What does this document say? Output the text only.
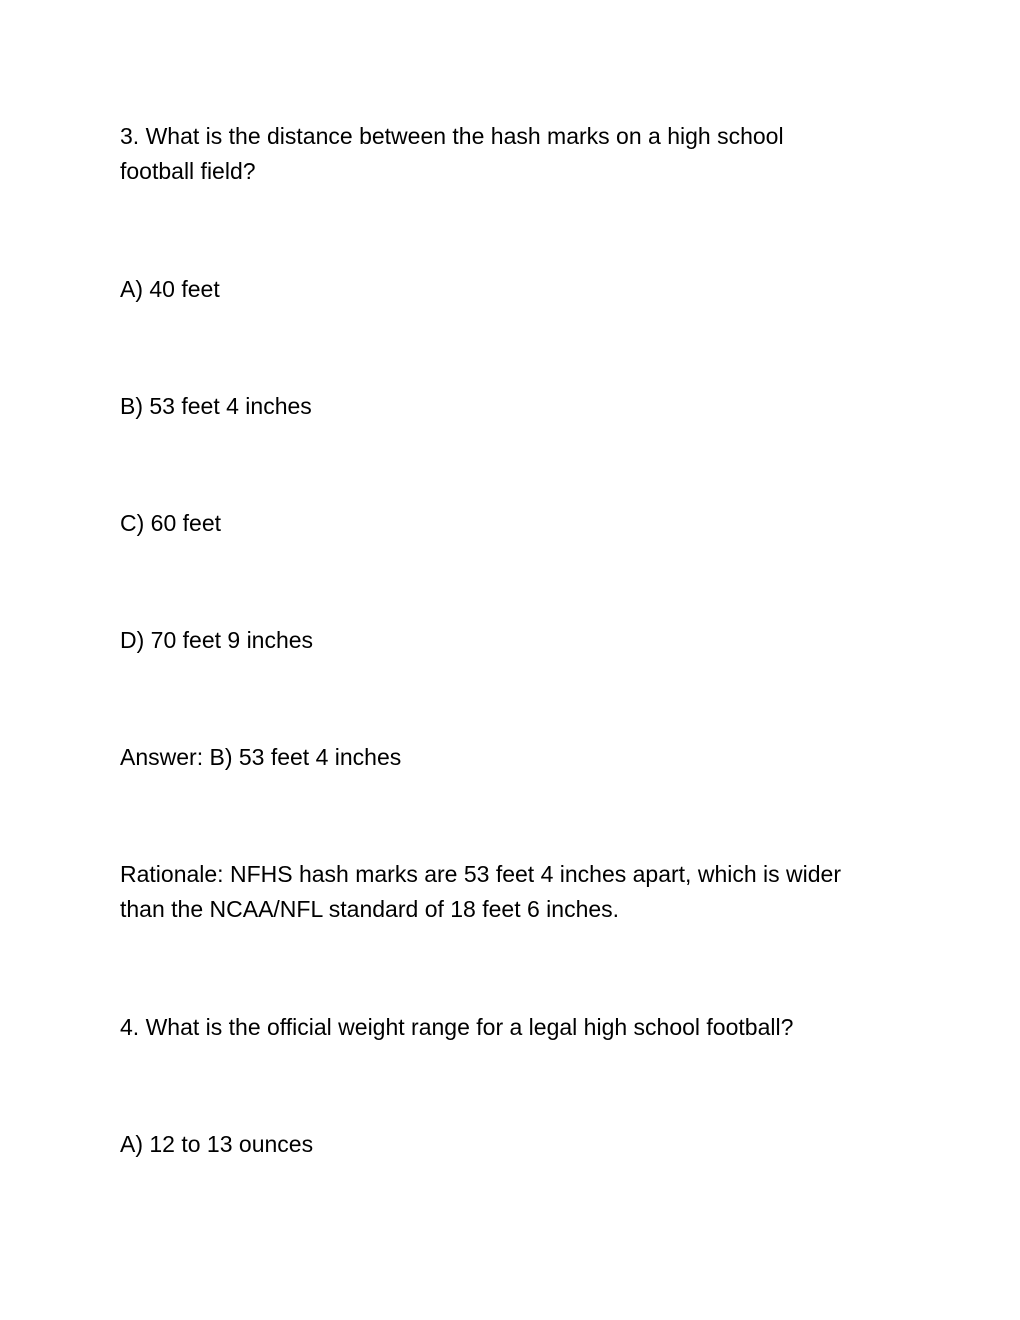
3. What is the distance between the hash marks on a high school
football field?

A) 40 feet

B) 53 feet 4 inches

C) 60 feet

D) 70 feet 9 inches

Answer: B) 53 feet 4 inches

Rationale: NFHS hash marks are 53 feet 4 inches apart, which is wider
than the NCAA/NFL standard of 18 feet 6 inches.

4. What is the official weight range for a legal high school football?

A) 12 to 13 ounces
